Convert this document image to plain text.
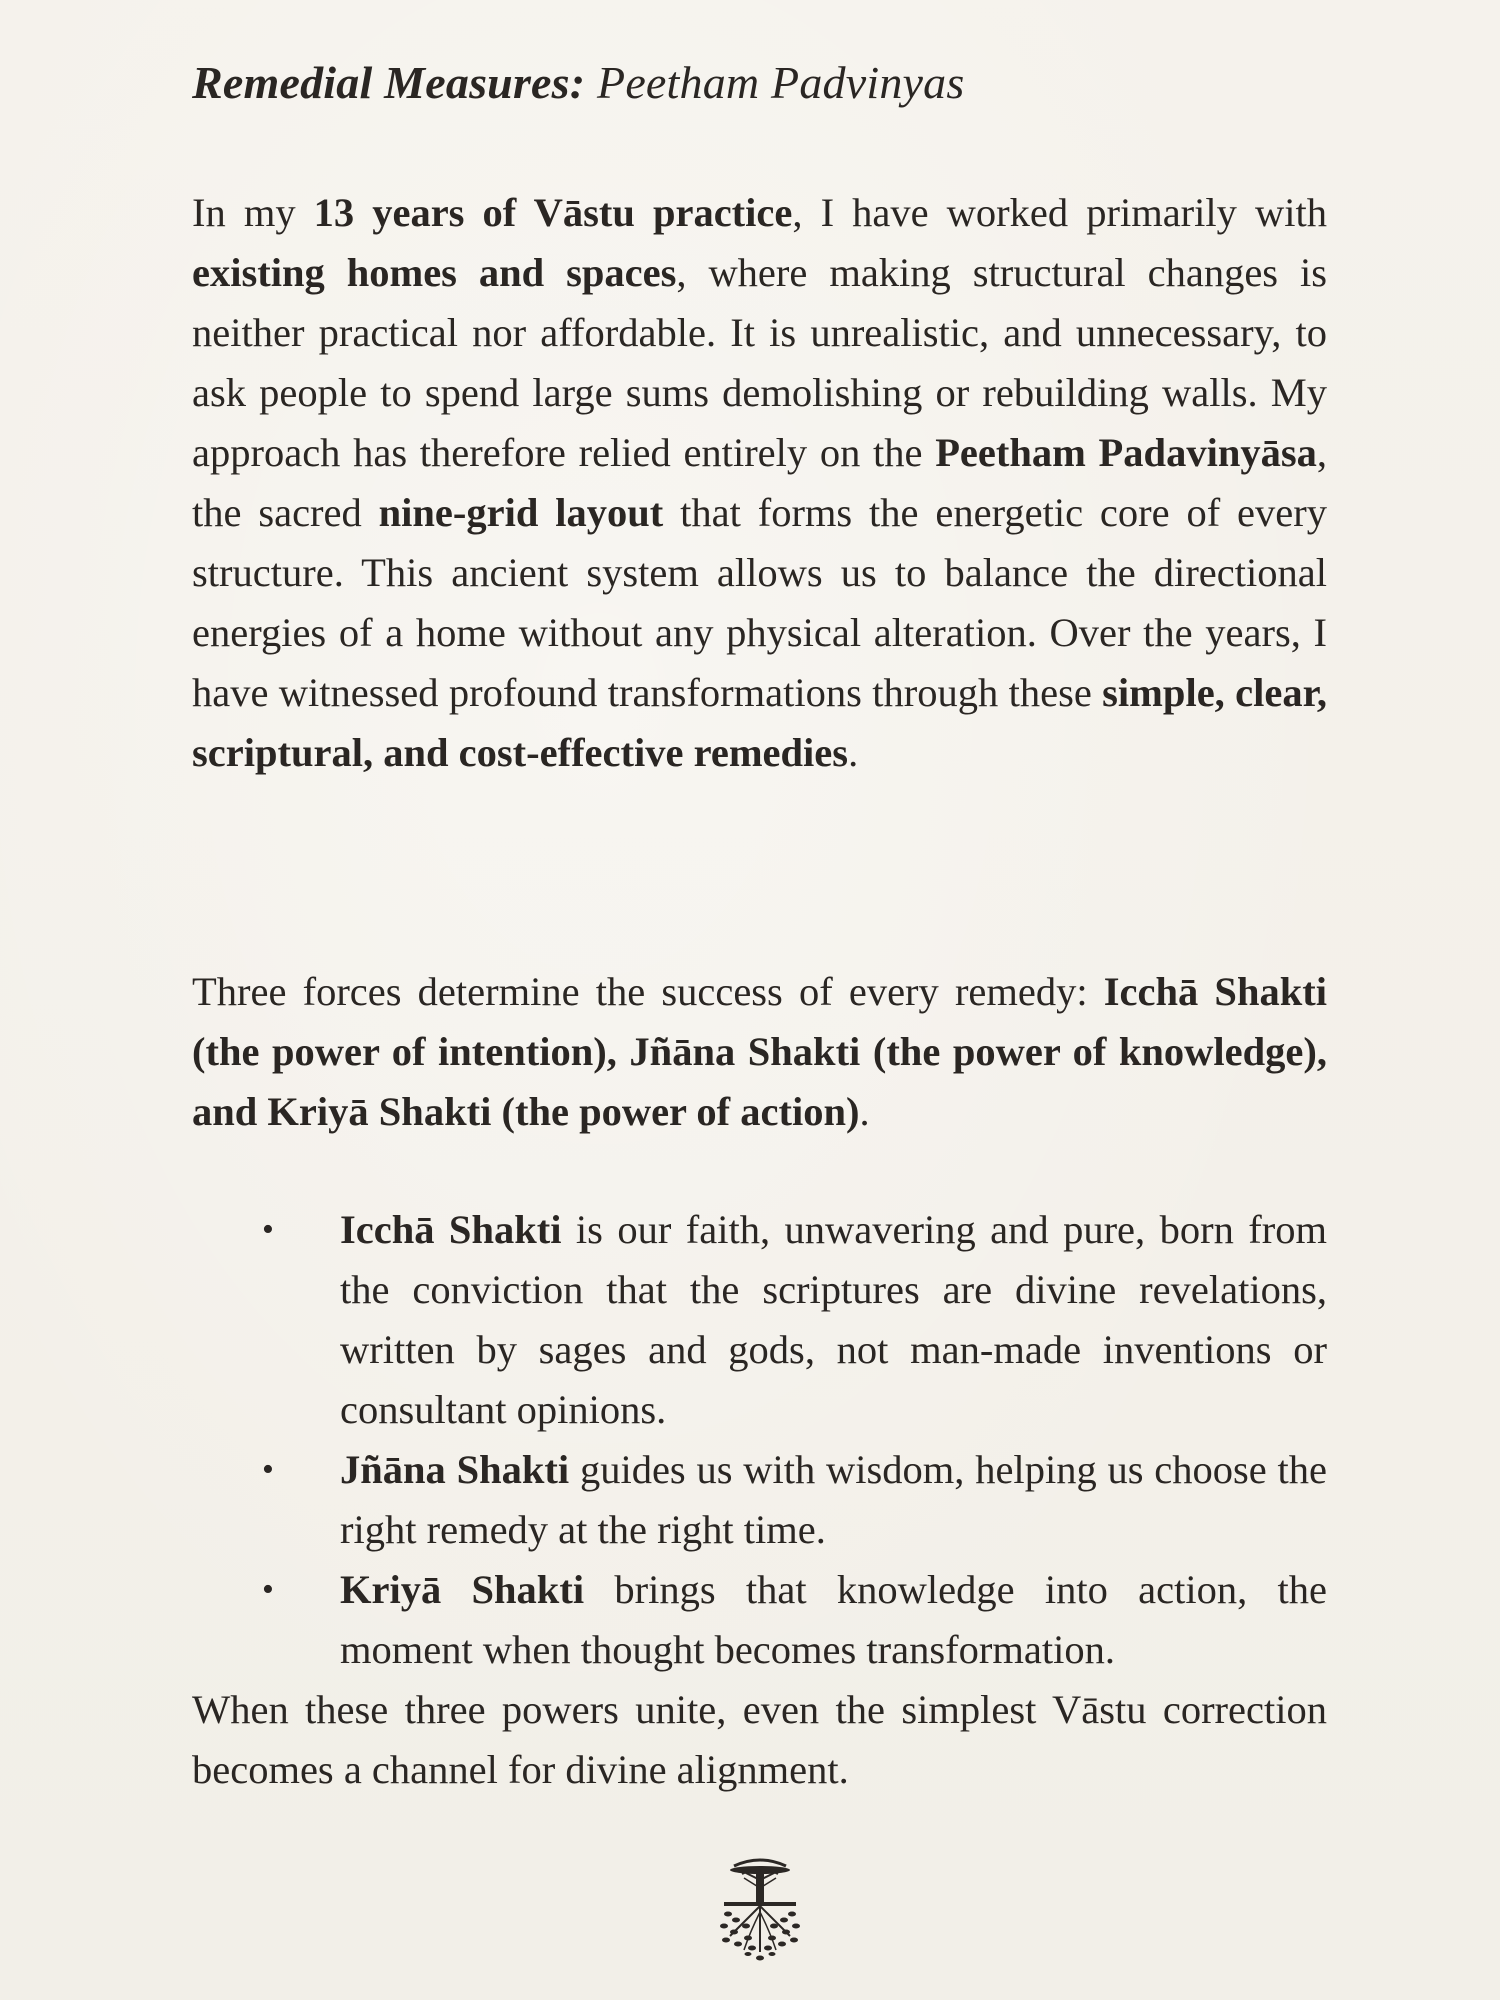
Remedial Measures: Peetham Padvinyas
In my 13 years of Vāstu practice, I have worked primarily with existing homes and spaces, where making structural changes is neither practical nor affordable. It is unrealistic, and unnecessary, to ask people to spend large sums demolishing or rebuilding walls. My approach has therefore relied entirely on the Peetham Padavinyāsa, the sacred nine-grid layout that forms the energetic core of every structure. This ancient system allows us to balance the directional energies of a home without any physical alteration. Over the years, I have witnessed profound transformations through these simple, clear, scriptural, and cost-effective remedies.
Three forces determine the success of every remedy: Icchā Shakti (the power of intention), Jñāna Shakti (the power of knowledge), and Kriyā Shakti (the power of action).
• Icchā Shakti is our faith, unwavering and pure, born from the conviction that the scriptures are divine revelations, written by sages and gods, not man-made inventions or consultant opinions.
• Jñāna Shakti guides us with wisdom, helping us choose the right remedy at the right time.
• Kriyā Shakti brings that knowledge into action, the moment when thought becomes transformation.
When these three powers unite, even the simplest Vāstu correction becomes a channel for divine alignment.
